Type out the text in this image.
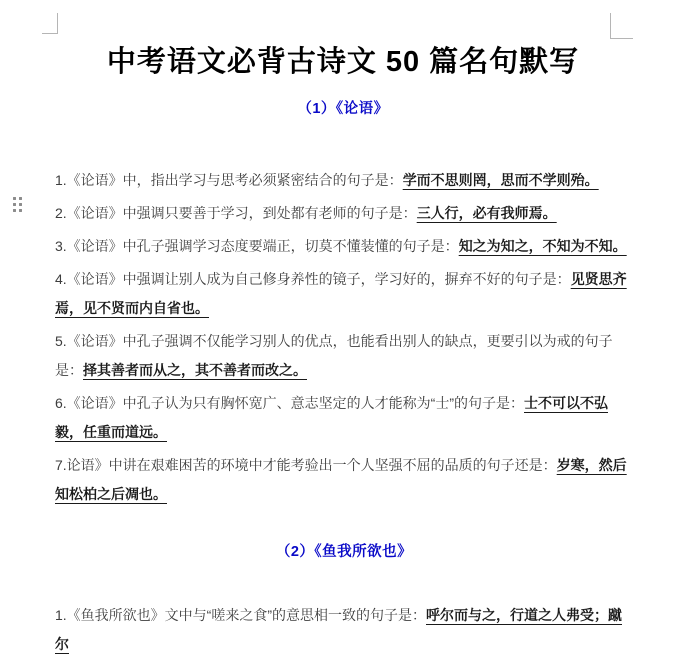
中考语文必背古诗文 50 篇名句默写
（1）《论语》

1.《论语》中，指出学习与思考必须紧密结合的句子是：学而不思则罔，思而不学则殆。

2.《论语》中强调只要善于学习，到处都有老师的句子是：三人行，必有我师焉。

3.《论语》中孔子强调学习态度要端正，切莫不懂装懂的句子是：知之为知之，不知为不知。

4.《论语》中强调让别人成为自己修身养性的镜子，学习好的，摒弃不好的句子是：见贤思齐焉，见不贤而内自省也。

5.《论语》中孔子强调不仅能学习别人的优点，也能看出别人的缺点，更要引以为戒的句子是：择其善者而从之，其不善者而改之。

6.《论语》中孔子认为只有胸怀宽广、意志坚定的人才能称为“士”的句子是：士不可以不弘毅，任重而道远。

7.论语》中讲在艰难困苦的环境中才能考验出一个人坚强不屈的品质的句子还是：岁寒，然后知松柏之后凋也。

（2）《鱼我所欲也》

1.《鱼我所欲也》文中与“嗟来之食”的意思相一致的句子是：呼尔而与之，行道之人弗受；蹴尔
